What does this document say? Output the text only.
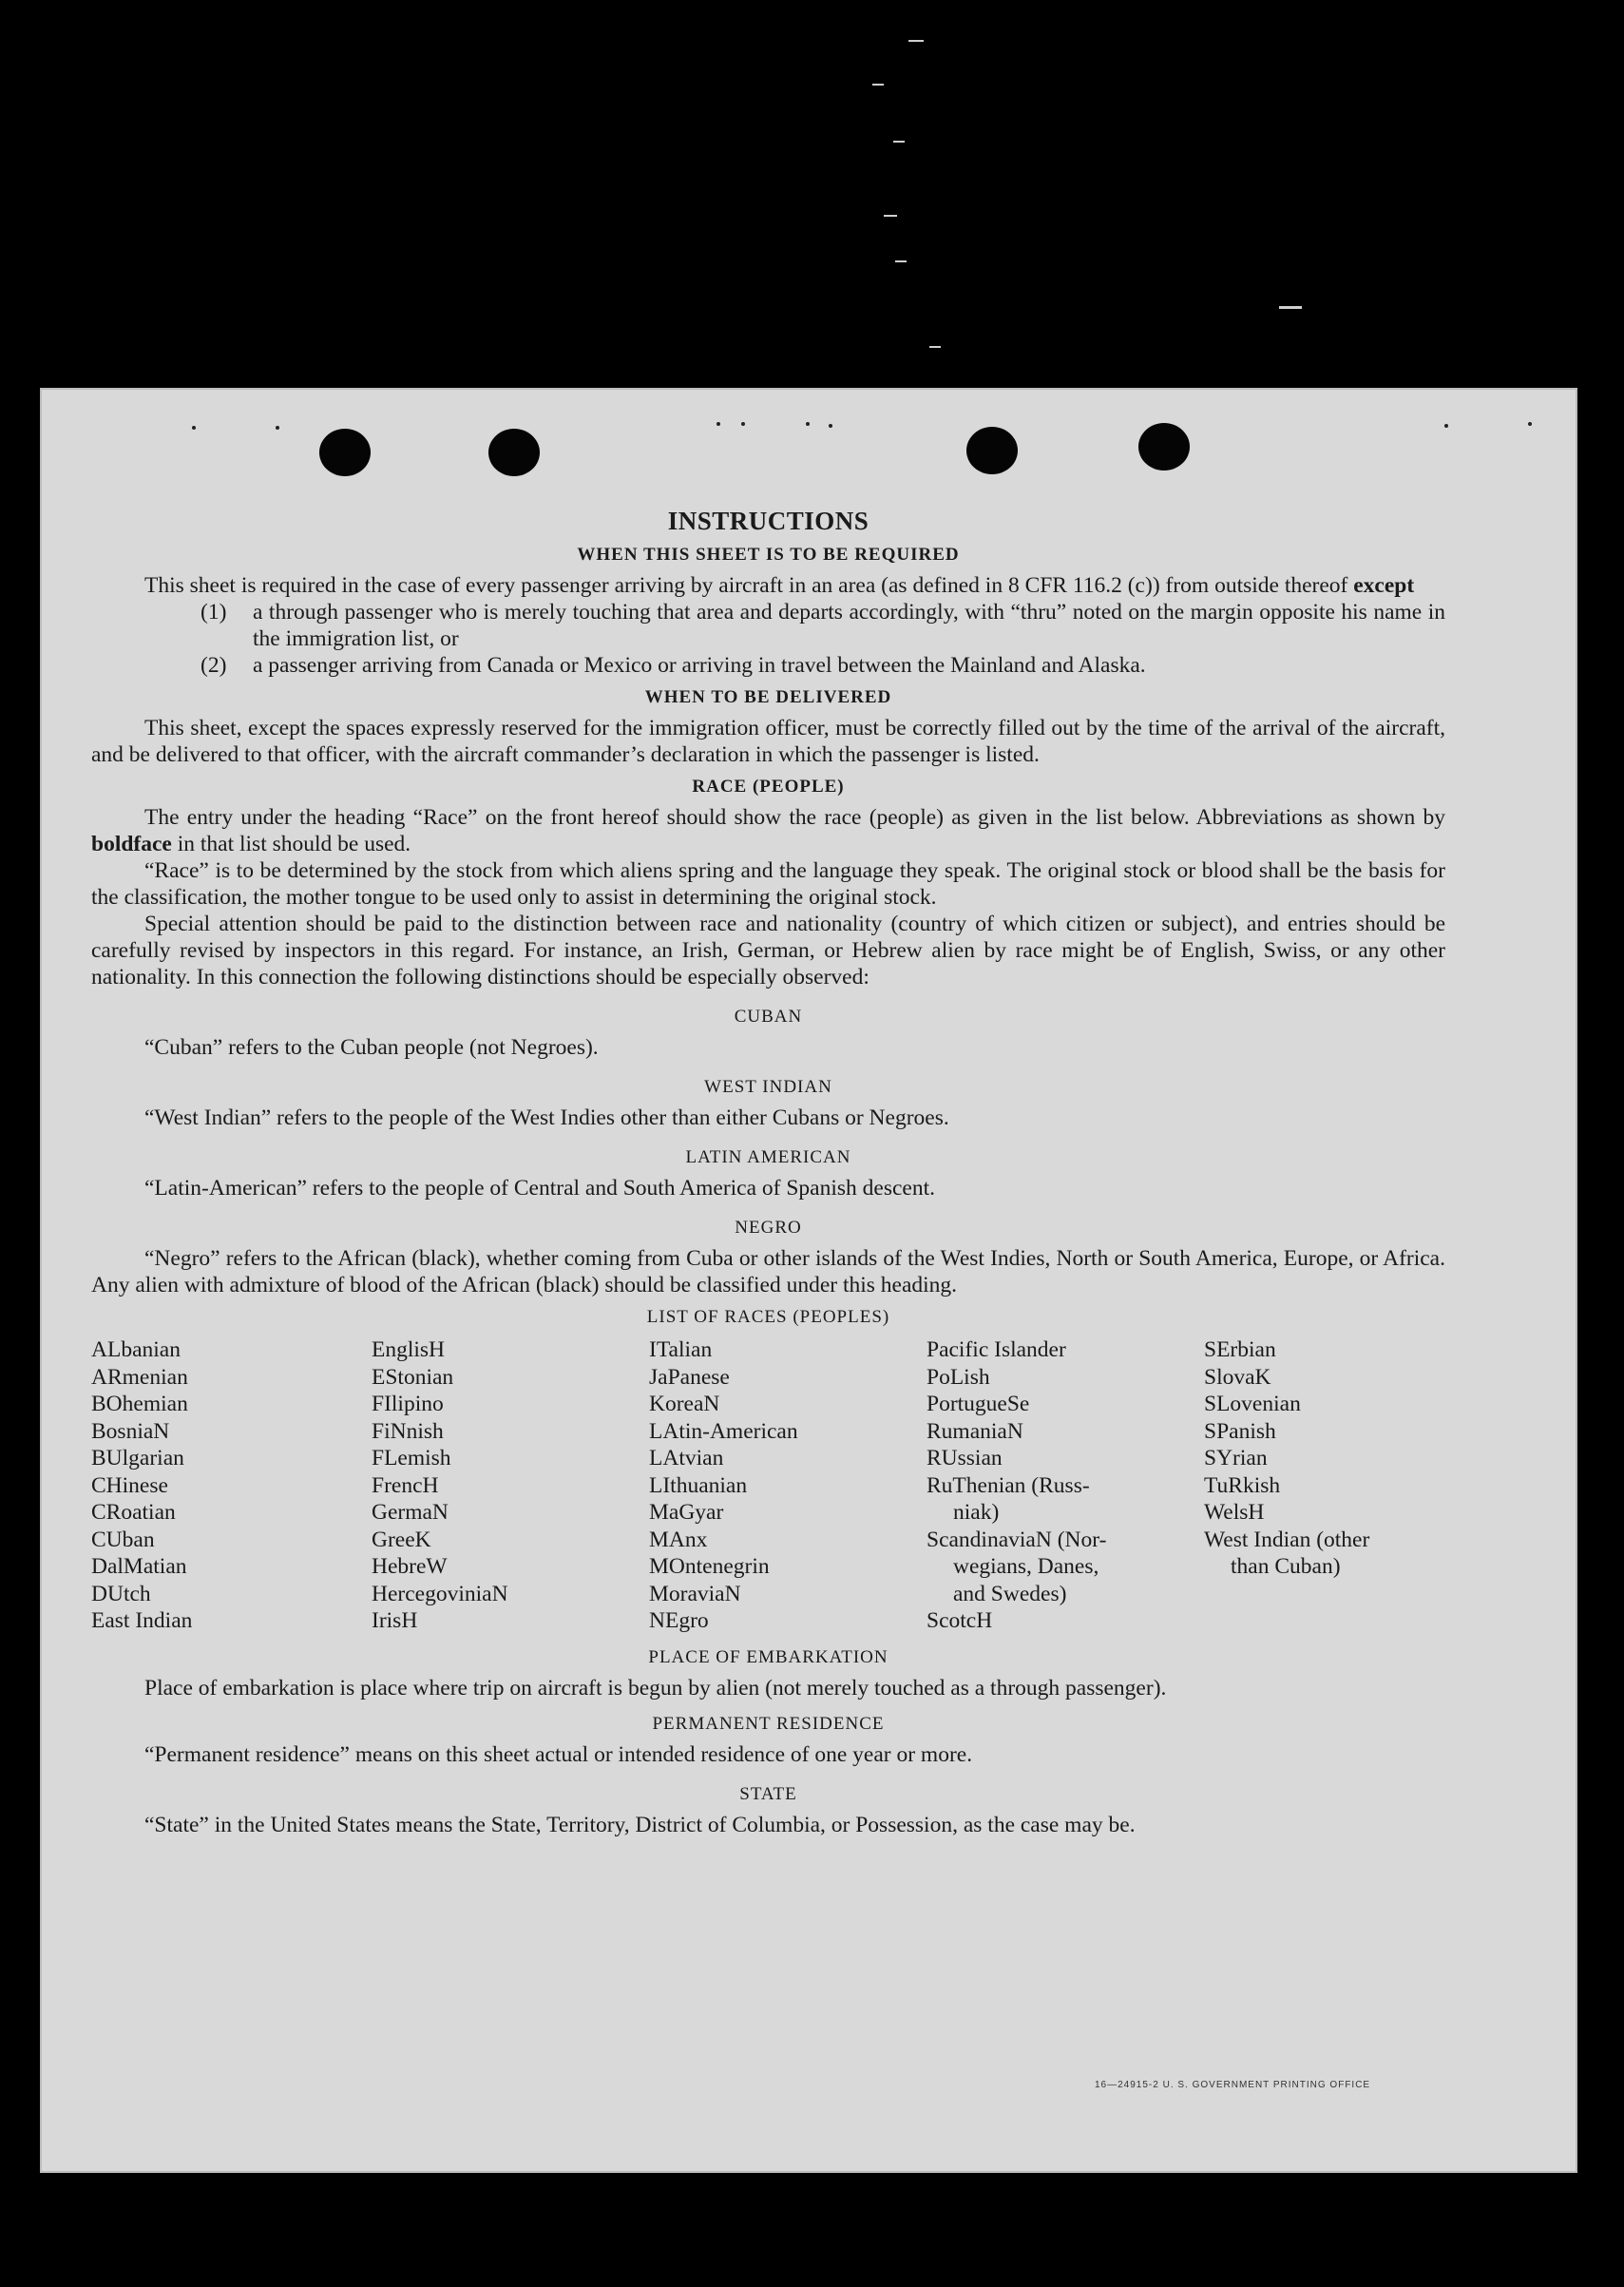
INSTRUCTIONS
WHEN THIS SHEET IS TO BE REQUIRED

This sheet is required in the case of every passenger arriving by aircraft in an area (as defined in 8 CFR 116.2 (c)) from outside thereof except

(1)	a through passenger who is merely touching that area and departs accordingly, with “thru” noted on the margin opposite his name in the immigration list, or
(2)	a passenger arriving from Canada or Mexico or arriving in travel between the Mainland and Alaska.
WHEN TO BE DELIVERED

This sheet, except the spaces expressly reserved for the immigration officer, must be correctly filled out by the time of the arrival of the aircraft, and be delivered to that officer, with the aircraft commander’s declaration in which the passenger is listed.

RACE (PEOPLE)

The entry under the heading “Race” on the front hereof should show the race (people) as given in the list below. Abbreviations as shown by boldface in that list should be used.

“Race” is to be determined by the stock from which aliens spring and the language they speak. The original stock or blood shall be the basis for the classification, the mother tongue to be used only to assist in determining the original stock.

Special attention should be paid to the distinction between race and nationality (country of which citizen or subject), and entries should be carefully revised by inspectors in this regard. For instance, an Irish, German, or Hebrew alien by race might be of English, Swiss, or any other nationality. In this connection the following distinctions should be especially observed:

CUBAN
“Cuban” refers to the Cuban people (not Negroes).
WEST INDIAN
“West Indian” refers to the people of the West Indies other than either Cubans or Negroes.
LATIN AMERICAN
“Latin-American” refers to the people of Central and South America of Spanish descent.
NEGRO

“Negro” refers to the African (black), whether coming from Cuba or other islands of the West Indies, North or South America, Europe, or Africa. Any alien with admixture of blood of the African (black) should be classified under this heading.

LIST OF RACES (PEOPLES)
ALbanian
ARmenian
BOhemian
BosniaN
BUlgarian
CHinese
CRoatian
CUban
DalMatian
DUtch
East Indian
EnglisH
EStonian
FIlipino
FiNnish
FLemish
FrencH
GermaN
GreeK
HebreW
HercegoviniaN
IrisH
ITalian
JaPanese
KoreaN
LAtin-American
LAtvian
LIthuanian
MaGyar
MAnx
MOntenegrin
MoraviaN
NEgro
Pacific Islander
PoLish
PortugueSe
RumaniaN
RUssian
RuThenian (Russ-
niak)
ScandinaviaN (Nor-
wegians, Danes,
and Swedes)
ScotcH
SErbian
SlovaK
SLovenian
SPanish
SYrian
TuRkish
WelsH
West Indian (other
than Cuban)
PLACE OF EMBARKATION

Place of embarkation is place where trip on aircraft is begun by alien (not merely touched as a through passenger).

PERMANENT RESIDENCE
“Permanent residence” means on this sheet actual or intended residence of one year or more.
STATE

“State” in the United States means the State, Territory, District of Columbia, or Possession, as the case may be.

16—24915-2 U. S. GOVERNMENT PRINTING OFFICE
